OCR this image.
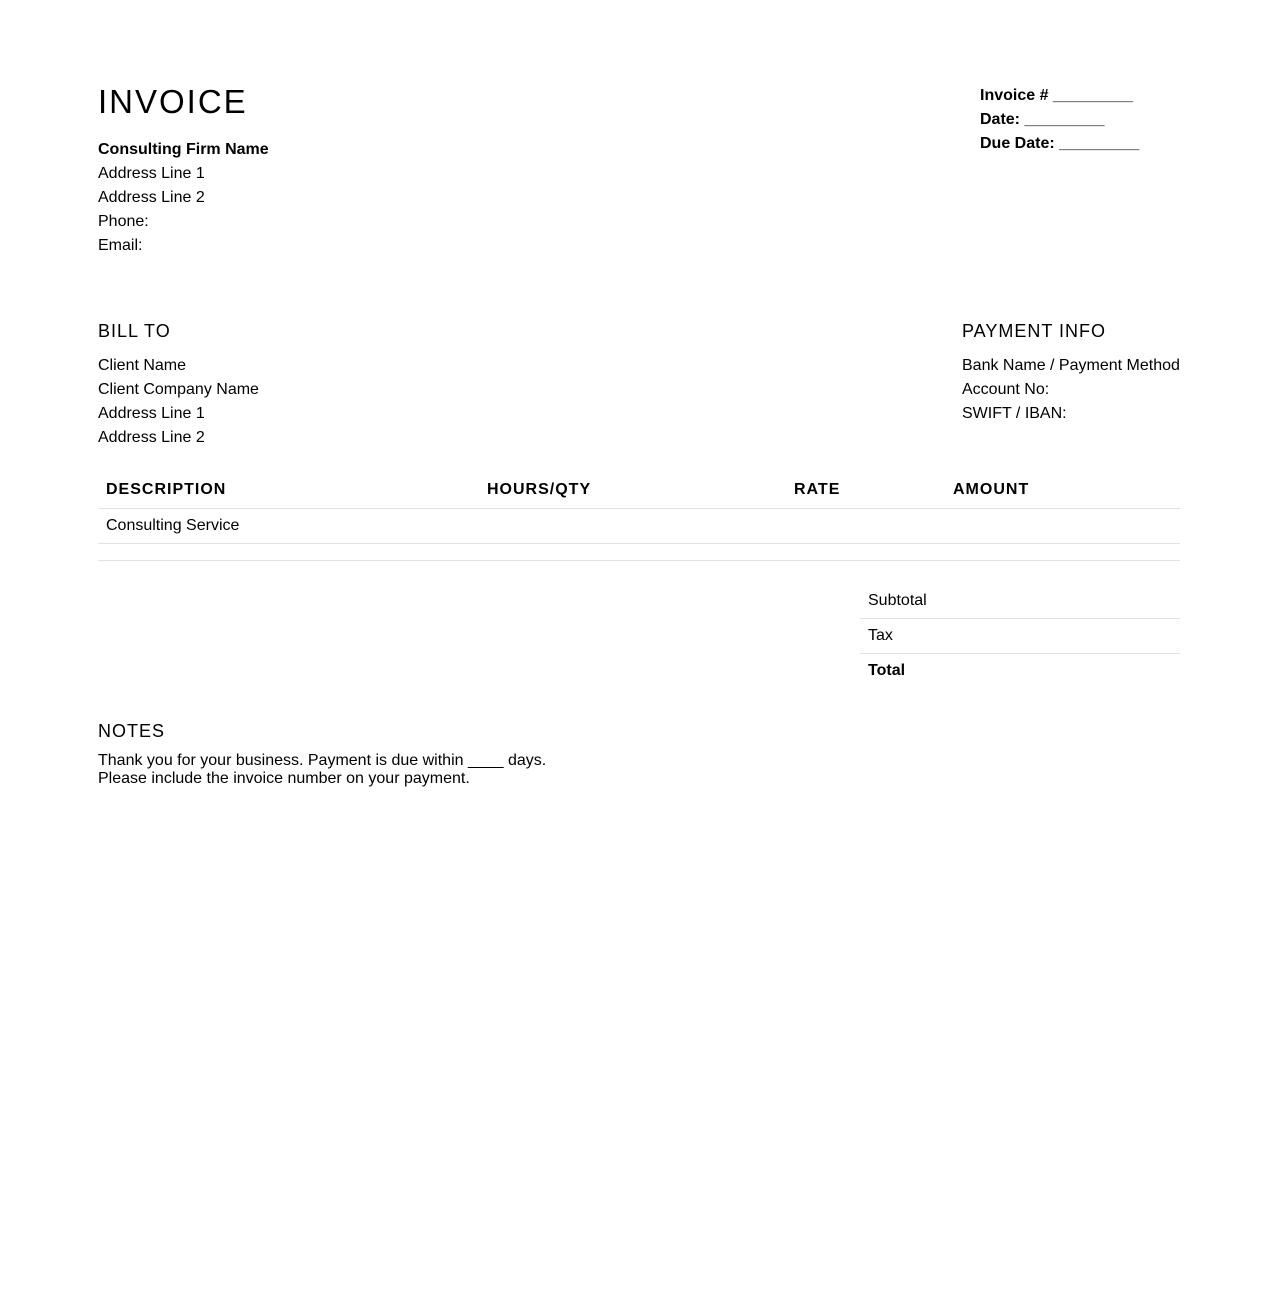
INVOICE
Consulting Firm Name
Address Line 1
Address Line 2
Phone:
Email:
Invoice # _________
Date: _________
Due Date: _________
BILL TO
Client Name
Client Company Name
Address Line 1
Address Line 2
PAYMENT INFO
Bank Name / Payment Method
Account No:
SWIFT / IBAN:
DESCRIPTION	HOURS/QTY	RATE	AMOUNT
Consulting Service			

Subtotal	
Tax	
Total	
NOTES
Thank you for your business. Payment is due within ____ days.
Please include the invoice number on your payment.
